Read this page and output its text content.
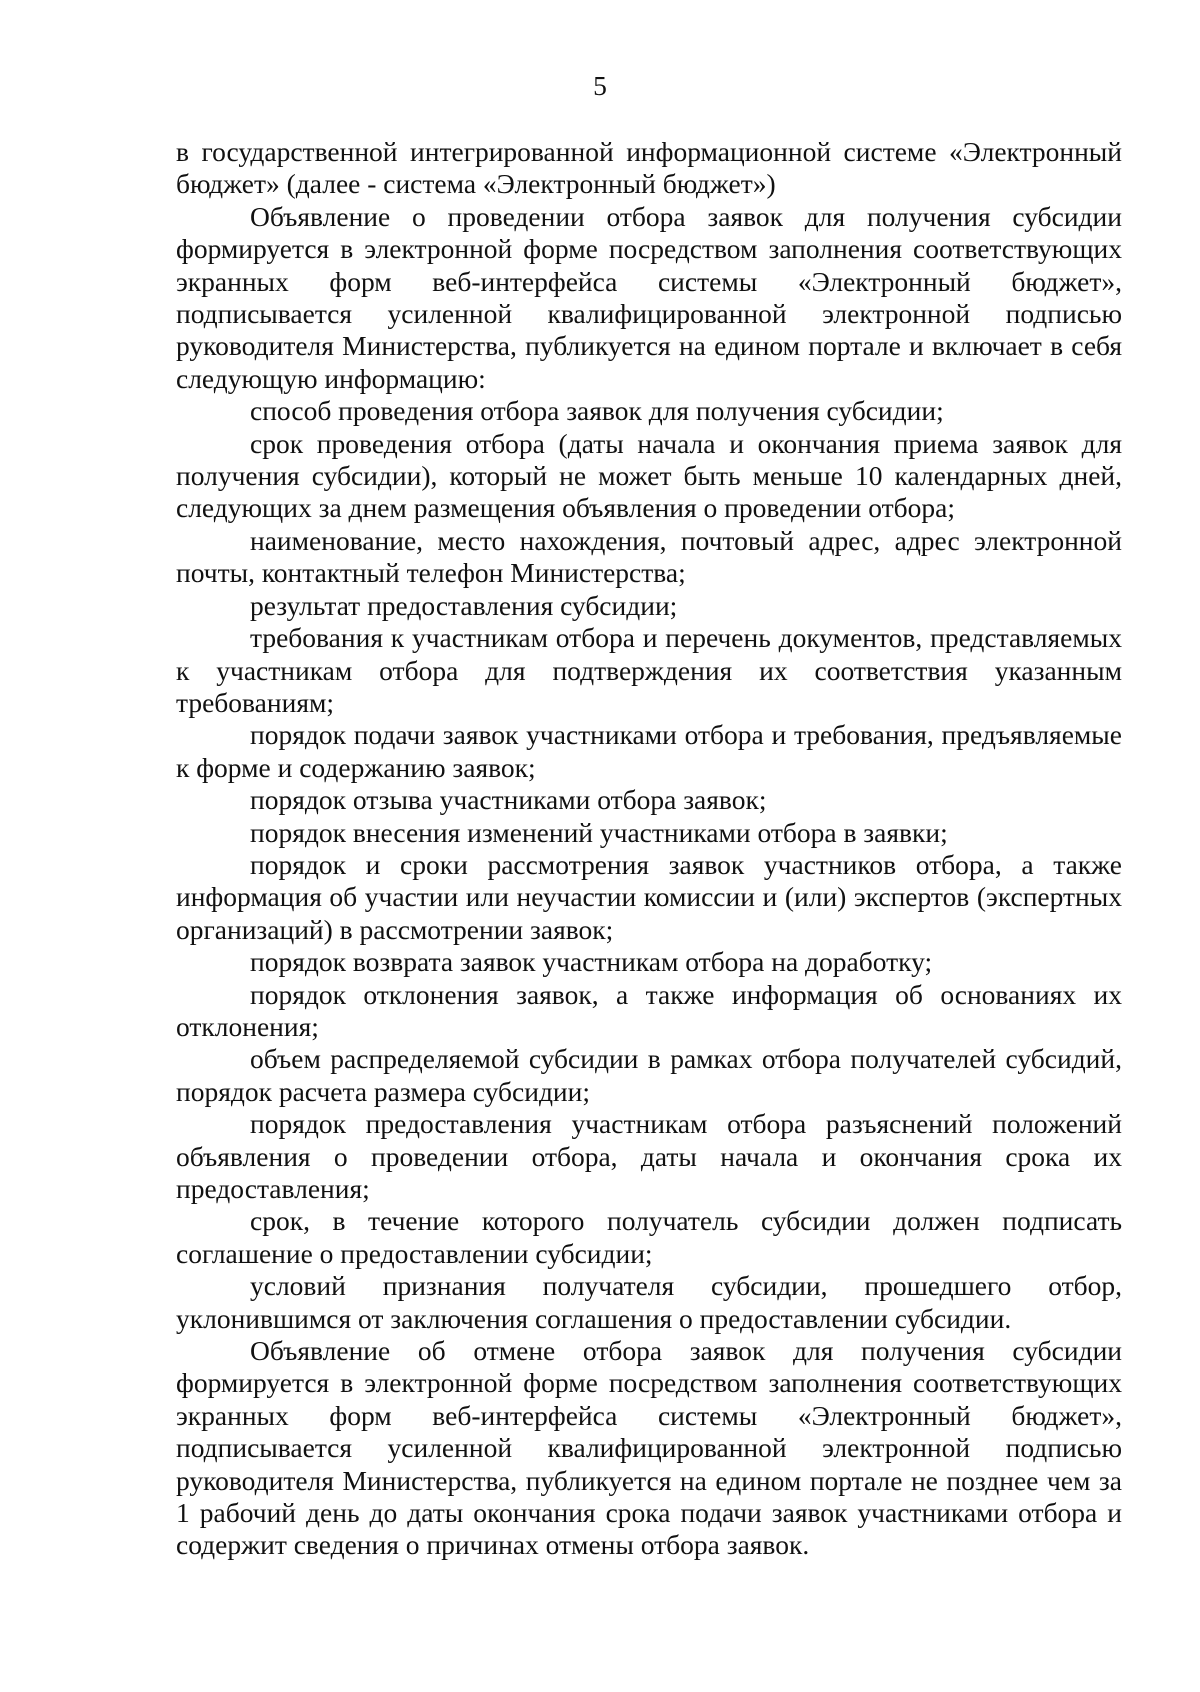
5

в государственной интегрированной информационной системе «Электронный бюджет» (далее - система «Электронный бюджет»)

Объявление о проведении отбора заявок для получения субсидии формируется в электронной форме посредством заполнения соответствующих экранных форм веб-интерфейса системы «Электронный бюджет», подписывается усиленной квалифицированной электронной подписью руководителя Министерства, публикуется на едином портале и включает в себя следующую информацию:

способ проведения отбора заявок для получения субсидии;

срок проведения отбора (даты начала и окончания приема заявок для получения субсидии), который не может быть меньше 10 календарных дней, следующих за днем размещения объявления о проведении отбора;

наименование, место нахождения, почтовый адрес, адрес электронной почты, контактный телефон Министерства;

результат предоставления субсидии;

требования к участникам отбора и перечень документов, представляемых к участникам отбора для подтверждения их соответствия указанным требованиям;

порядок подачи заявок участниками отбора и требования, предъявляемые к форме и содержанию заявок;

порядок отзыва участниками отбора заявок;

порядок внесения изменений участниками отбора в заявки;

порядок и сроки рассмотрения заявок участников отбора, а также информация об участии или неучастии комиссии и (или) экспертов (экспертных организаций) в рассмотрении заявок;

порядок возврата заявок участникам отбора на доработку;

порядок отклонения заявок, а также информация об основаниях их отклонения;

объем распределяемой субсидии в рамках отбора получателей субсидий, порядок расчета размера субсидии;

порядок предоставления участникам отбора разъяснений положений объявления о проведении отбора, даты начала и окончания срока их предоставления;

срок, в течение которого получатель субсидии должен подписать соглашение о предоставлении субсидии;

условий признания получателя субсидии, прошедшего отбор, уклонившимся от заключения соглашения о предоставлении субсидии.

Объявление об отмене отбора заявок для получения субсидии формируется в электронной форме посредством заполнения соответствующих экранных форм веб-интерфейса системы «Электронный бюджет», подписывается усиленной квалифицированной электронной подписью руководителя Министерства, публикуется на едином портале не позднее чем за 1 рабочий день до даты окончания срока подачи заявок участниками отбора и содержит сведения о причинах отмены отбора заявок.
